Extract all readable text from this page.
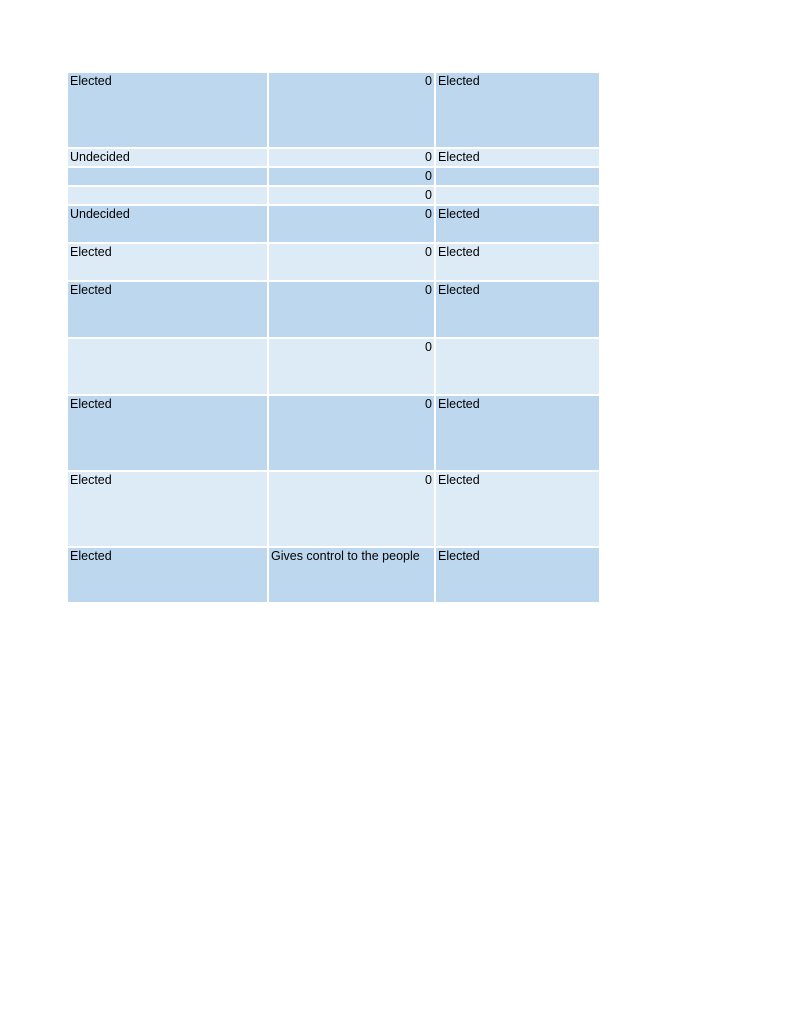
Elected	0	Elected
Undecided	0	Elected
	0	
	0	
Undecided	0	Elected
Elected	0	Elected
Elected	0	Elected
	0	
Elected	0	Elected
Elected	0	Elected
Elected	Gives control to the people	Elected
